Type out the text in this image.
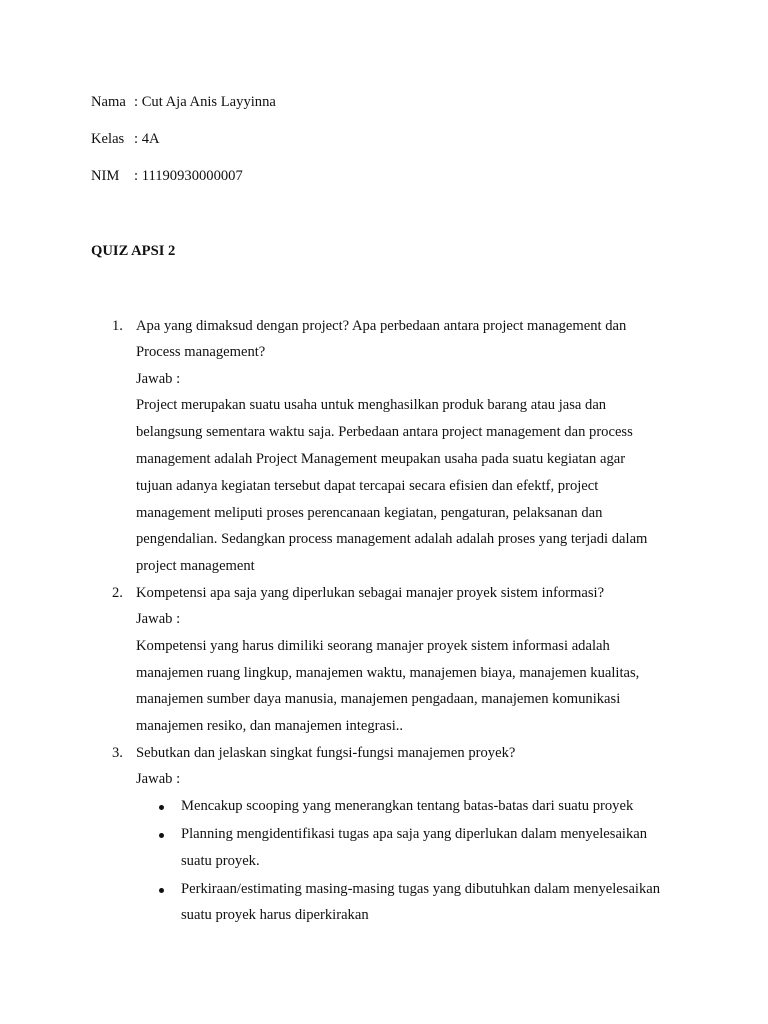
Nama : Cut Aja Anis Layyinna
Kelas : 4A
NIM : 11190930000007
QUIZ APSI 2
1. Apa yang dimaksud dengan project? Apa perbedaan antara project management dan
Process management?
Jawab :
Project merupakan suatu usaha untuk menghasilkan produk barang atau jasa dan
belangsung sementara waktu saja. Perbedaan antara project management dan process
management adalah Project Management meupakan usaha pada suatu kegiatan agar
tujuan adanya kegiatan tersebut dapat tercapai secara efisien dan efektf, project
management meliputi proses perencanaan kegiatan, pengaturan, pelaksanan dan
pengendalian. Sedangkan process management adalah adalah proses yang terjadi dalam
project management
2. Kompetensi apa saja yang diperlukan sebagai manajer proyek sistem informasi?
Jawab :
Kompetensi yang harus dimiliki seorang manajer proyek sistem informasi adalah
manajemen ruang lingkup, manajemen waktu, manajemen biaya, manajemen kualitas,
manajemen sumber daya manusia, manajemen pengadaan, manajemen komunikasi
manajemen resiko, dan manajemen integrasi..
3. Sebutkan dan jelaskan singkat fungsi-fungsi manajemen proyek?
Jawab :
Mencakup scooping yang menerangkan tentang batas-batas dari suatu proyek
Planning mengidentifikasi tugas apa saja yang diperlukan dalam menyelesaikan
suatu proyek.
Perkiraan/estimating masing-masing tugas yang dibutuhkan dalam menyelesaikan
suatu proyek harus diperkirakan
